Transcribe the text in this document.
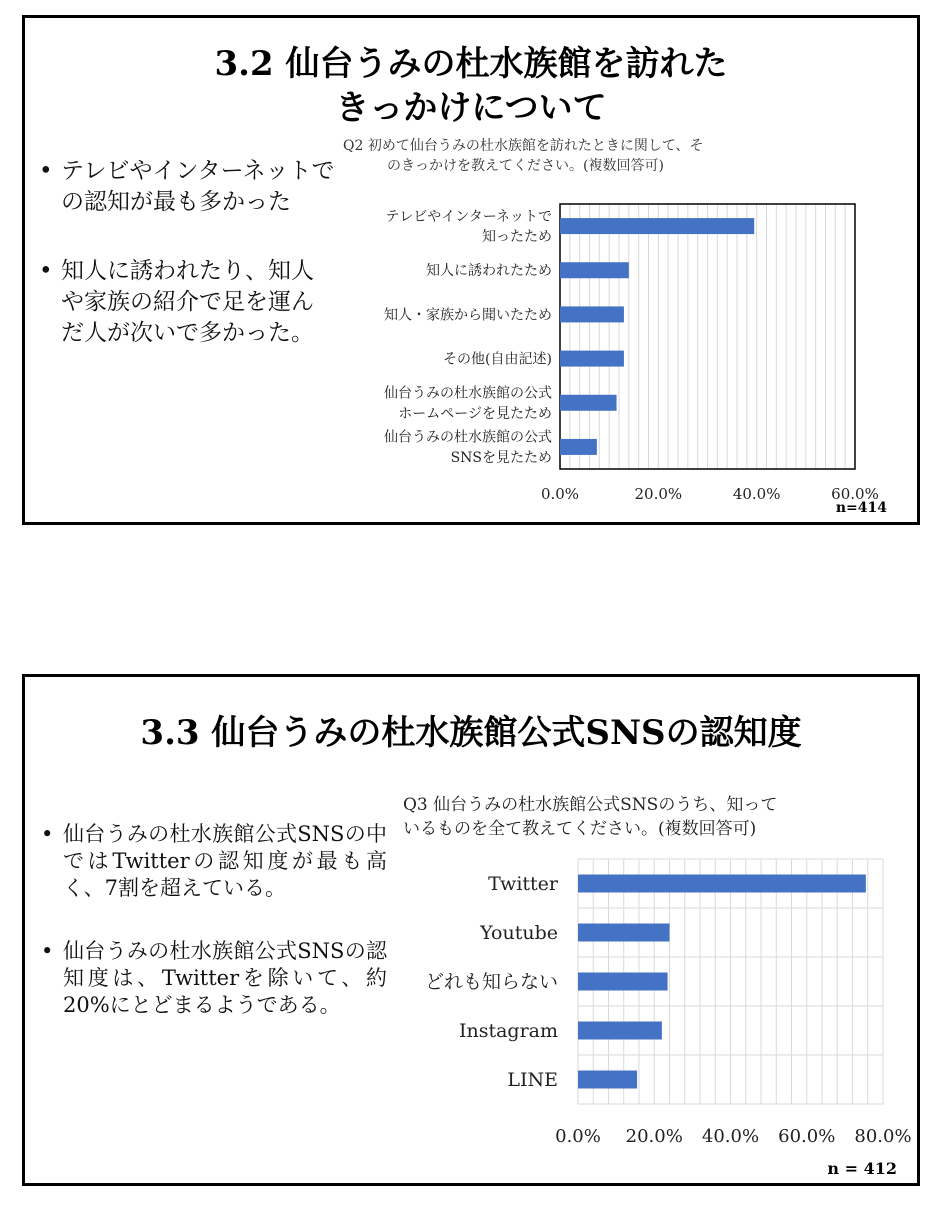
3.2 仙台うみの杜水族館を訪れた
きっかけについて
• テレビやインターネットでの認知が最も多かった
• 知人に誘われたり、知人や家族の紹介で足を運んだ人が次いで多かった。
Q2 初めて仙台うみの杜水族館を訪れたときに関して、そ
のきっかけを教えてください。(複数回答可)
テレビやインターネットで知ったため
知人に誘われたため
知人・家族から聞いたため
その他(自由記述)
仙台うみの杜水族館の公式ホームページを見たため
仙台うみの杜水族館の公式 SNSを見たため
0.0%	20.0%	40.0%	60.0%
n=414
3.3 仙台うみの杜水族館公式SNSの認知度
• 仙台うみの杜水族館公式SNSの中ではTwitterの認知度が最も高く、7割を超えている。
• 仙台うみの杜水族館公式SNSの認知度は、Twitterを除いて、約20%にとどまるようである。
Q3 仙台うみの杜水族館公式SNSのうち、知って
いるものを全て教えてください。(複数回答可)
Twitter
Youtube
どれも知らない
Instagram
LINE
0.0% 20.0% 40.0% 60.0% 80.0%
n = 412
